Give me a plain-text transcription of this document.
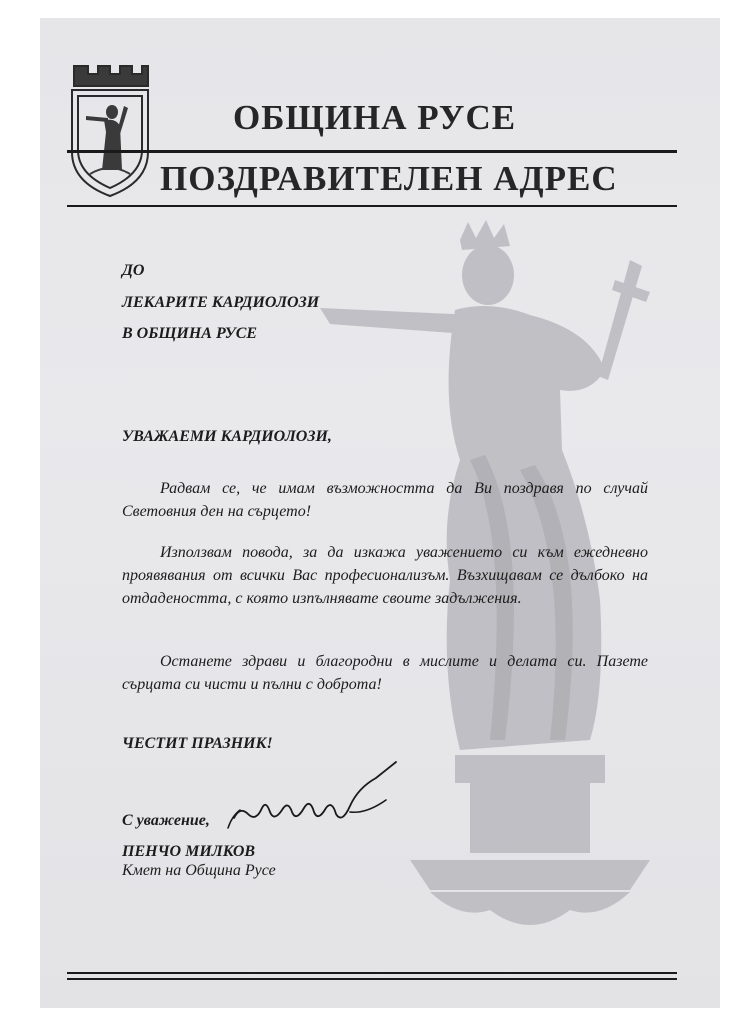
ОБЩИНА РУСЕ
ПОЗДРАВИТЕЛЕН АДРЕС
ДО
ЛЕКАРИТЕ КАРДИОЛОЗИ
В ОБЩИНА РУСЕ
УВАЖАЕМИ КАРДИОЛОЗИ,
Радвам се, че имам възможността да Ви поздравя по случай Световния ден на сърцето!
Използвам повода, за да изкажа уважението си към ежедневно проявявания от всички Вас професионализъм. Възхищавам се дълбоко на отдадеността, с която изпълнявате своите задължения.
Останете здрави и благородни в мислите и делата си. Пазете сърцата си чисти и пълни с доброта!
ЧЕСТИТ ПРАЗНИК!
С уважение,
ПЕНЧО МИЛКОВ
Кмет на Община Русе
